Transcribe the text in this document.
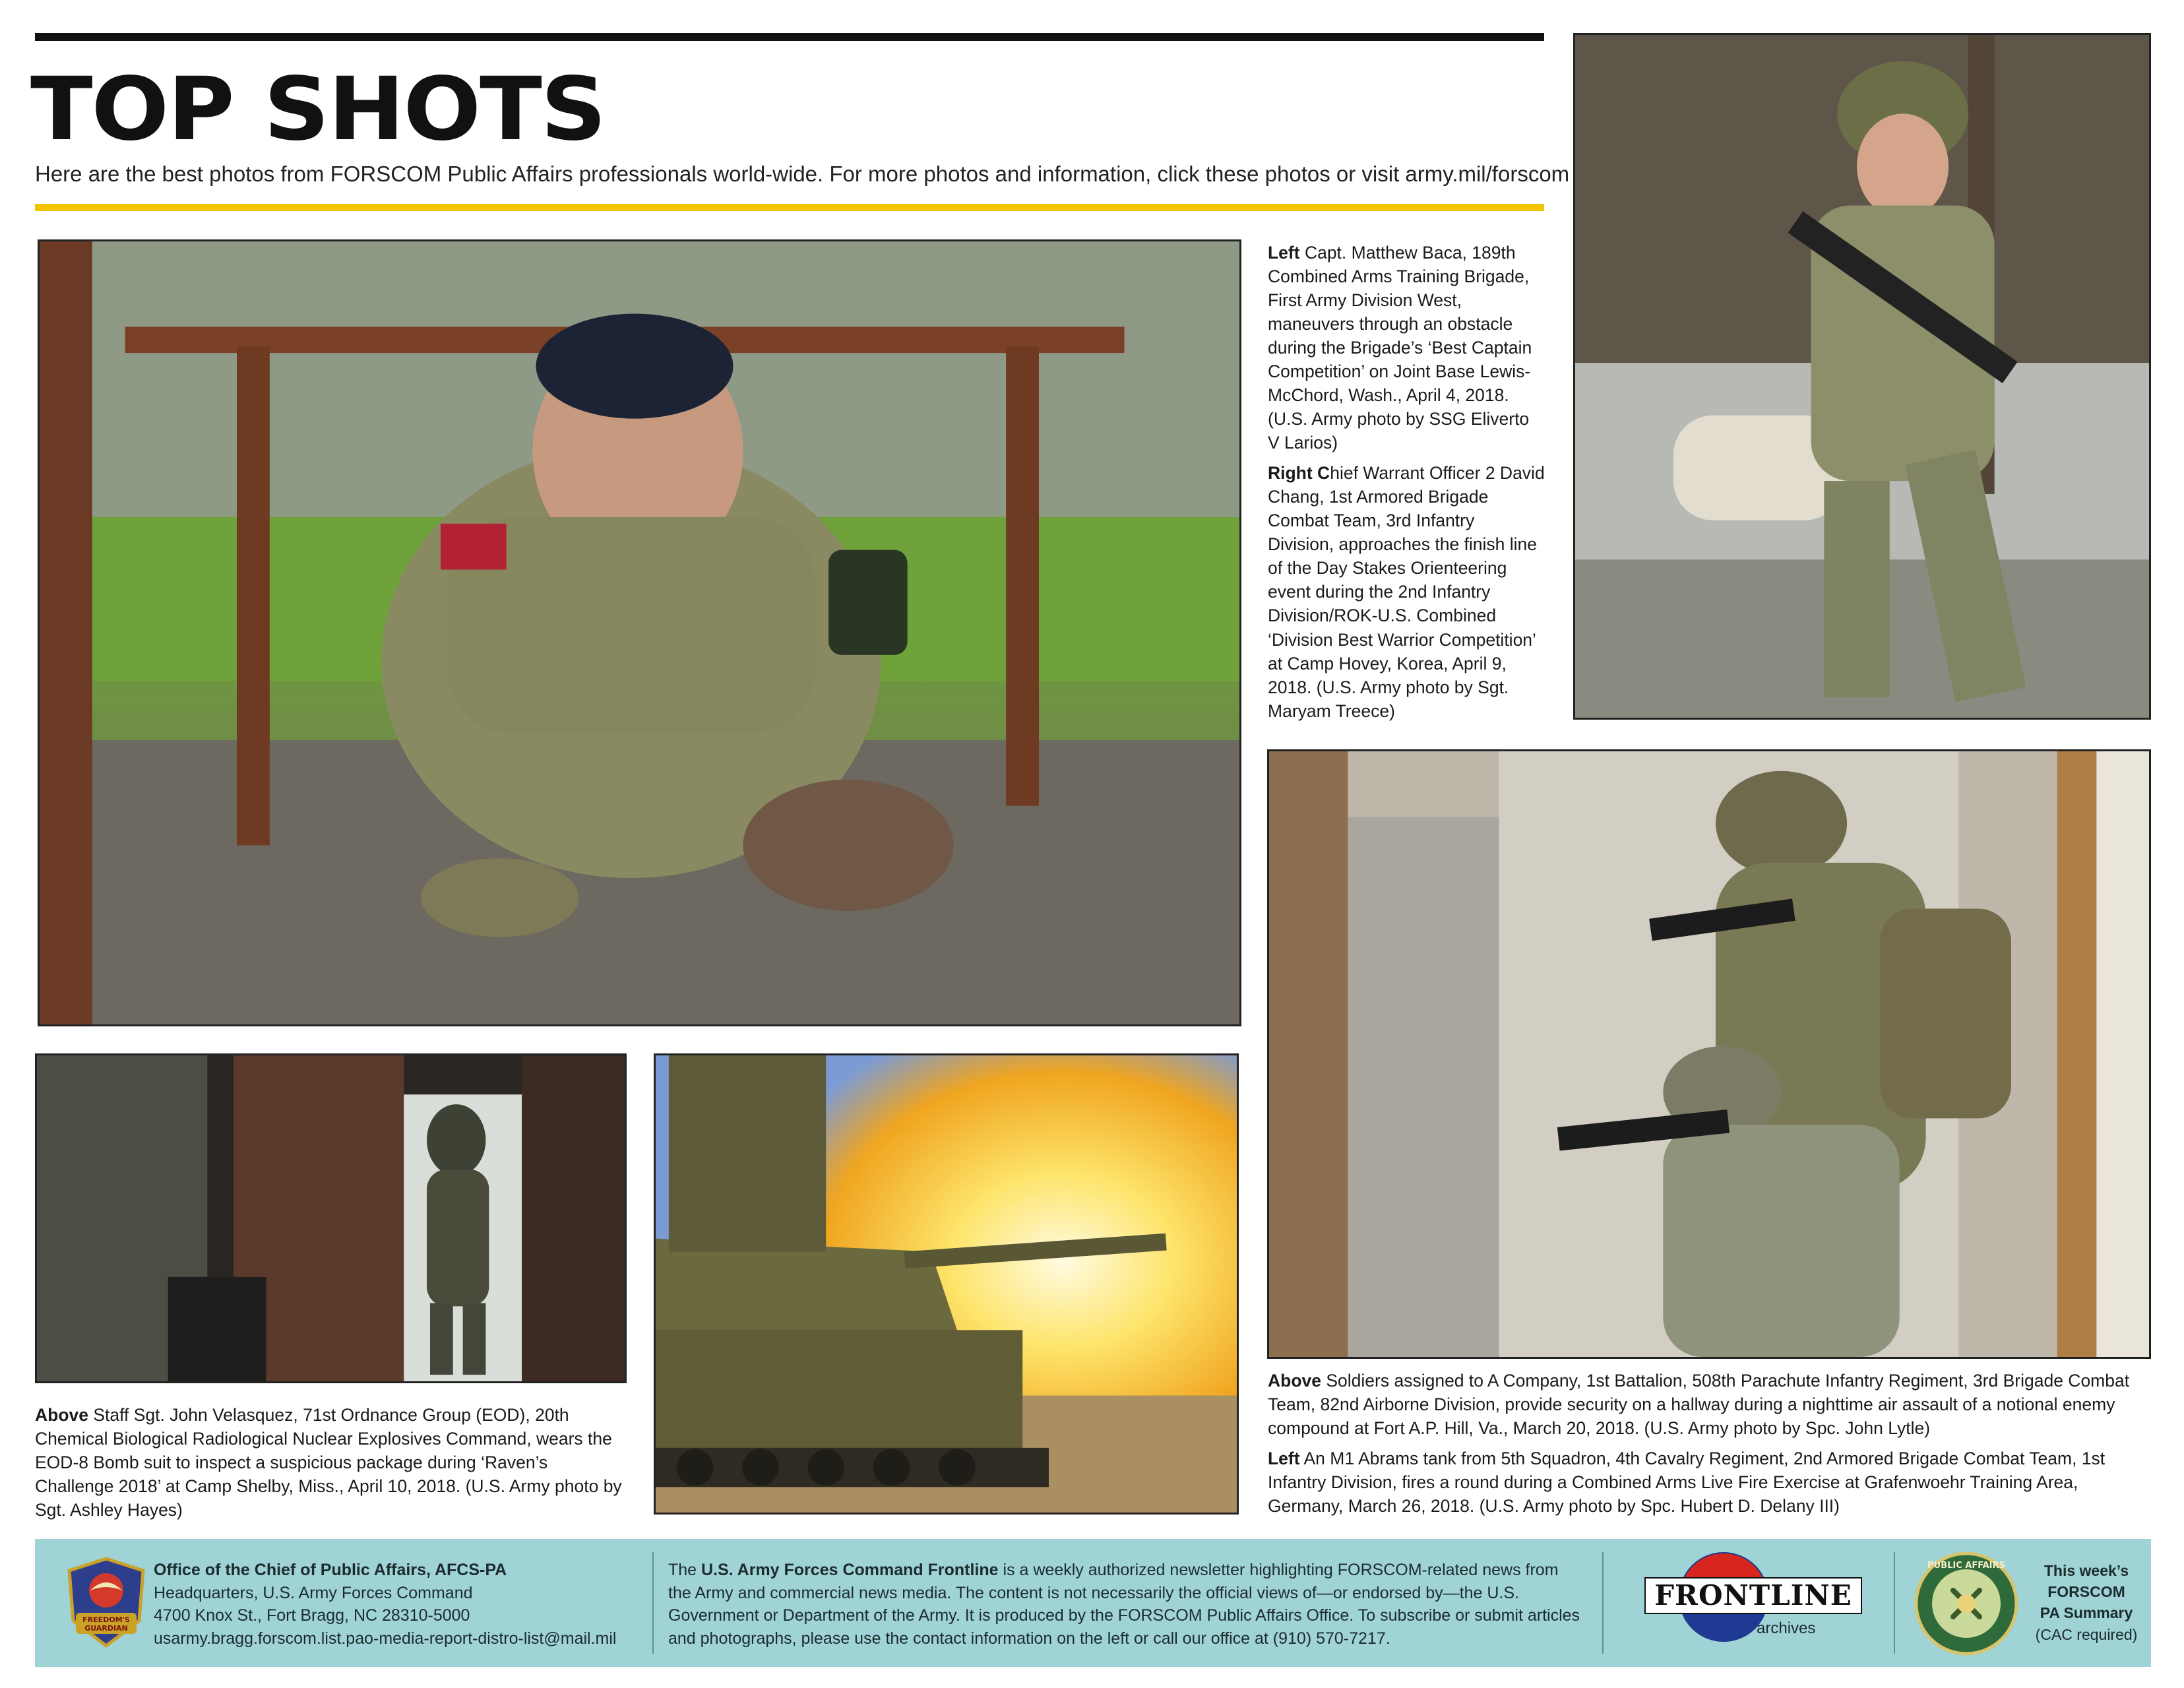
TOP SHOTS
Here are the best photos from FORSCOM Public Affairs professionals world-wide. For more photos and information, click these photos or visit army.mil/forscom

Left Capt. Matthew Baca, 189th Combined Arms Training Brigade, First Army Division West, maneuvers through an obstacle during the Brigade’s ‘Best Captain Competition’ on Joint Base Lewis-McChord, Wash., April 4, 2018. (U.S. Army photo by SSG Eliverto V Larios)

Right Chief Warrant Officer 2 David Chang, 1st Armored Brigade Combat Team, 3rd Infantry Division, approaches the finish line of the Day Stakes Orienteering event during the 2nd Infantry Division/ROK-U.S. Combined ‘Division Best Warrior Competition’ at Camp Hovey, Korea, April 9, 2018. (U.S. Army photo by Sgt. Maryam Treece)

Above Staff Sgt. John Velasquez, 71st Ordnance Group (EOD), 20th Chemical Biological Radiological Nuclear Explosives Command, wears the EOD-8 Bomb suit to inspect a suspicious package during ‘Raven’s Challenge 2018’ at Camp Shelby, Miss., April 10, 2018. (U.S. Army photo by Sgt. Ashley Hayes)

Above Soldiers assigned to A Company, 1st Battalion, 508th Parachute Infantry Regiment, 3rd Brigade Combat Team, 82nd Airborne Division, provide security on a hallway during a nighttime air assault of a notional enemy compound at Fort A.P. Hill, Va., March 20, 2018. (U.S. Army photo by Spc. John Lytle)

Left An M1 Abrams tank from 5th Squadron, 4th Cavalry Regiment, 2nd Armored Brigade Combat Team, 1st Infantry Division, fires a round during a Combined Arms Live Fire Exercise at Grafenwoehr Training Area, Germany, March 26, 2018. (U.S. Army photo by Spc. Hubert D. Delany III)

FREEDOM'S
GUARDIAN
Office of the Chief of Public Affairs, AFCS-PA
Headquarters, U.S. Army Forces Command
4700 Knox St., Fort Bragg, NC 28310-5000
usarmy.bragg.forscom.list.pao-media-report-distro-list@mail.mil
The U.S. Army Forces Command Frontline is a weekly authorized newsletter highlighting FORSCOM-related news from the Army and commercial news media. The content is not necessarily the official views of—or endorsed by—the U.S. Government or Department of the Army. It is produced by the FORSCOM Public Affairs Office. To subscribe or submit articles and photographs, please use the contact information on the left or call our office at (910) 570-7217.
FRONTLINE
archives
PUBLIC AFFAIRS	This week’s
FORSCOM
PA Summary
(CAC required)
